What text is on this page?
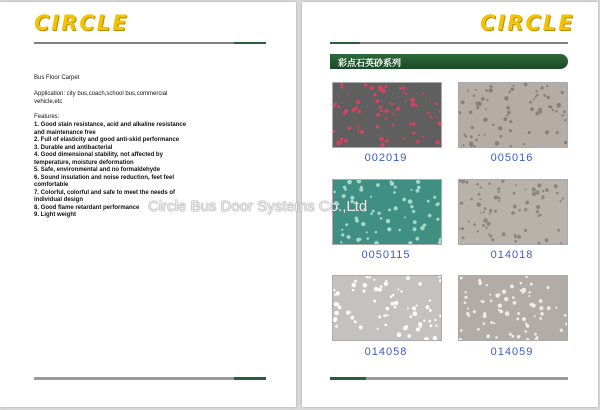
CIRCLE
Bus Floor Carpet
Application: city bus,coach,school bus,commercial vehicle,etc
Features:
1. Good stain resistance, acid and alkaline resistance and maintenance free
2. Full of elasticity and good anti-skid performance
3. Durable and antibacterial
4. Good dimensional stability, not affected by temperature, moisture deformation
5. Safe, environmental and no formaldehyde
6. Sound insulation and noise reduction, feet feel comfortable
7. Colorful, colorful and safe to meet the needs of individual design
8. Good flame retardant performance
9. Light weight
CIRCLE
彩点石英砂系列
002019	005016
0050115	014018
014058	014059
Circle Bus Door Systems Co.,Ltd
